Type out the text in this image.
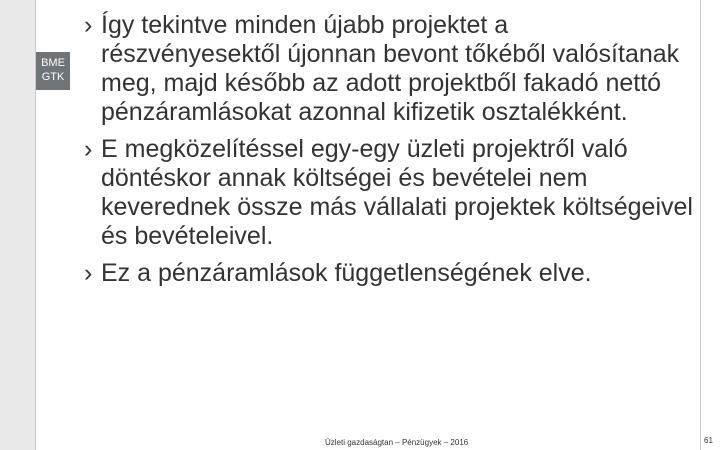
BME
GTK
› Így tekintve minden újabb projektet a részvényesektől újonnan bevont tőkéből valósítanak meg, majd később az adott projektből fakadó nettó pénzáramlásokat azonnal kifizetik osztalékként.
› E megközelítéssel egy-egy üzleti projektről való döntéskor annak költségei és bevételei nem keverednek össze más vállalati projektek költségeivel és bevételeivel.
› Ez a pénzáramlások függetlenségének elve.
Üzleti gazdaságtan – Pénzügyek – 2016	61
